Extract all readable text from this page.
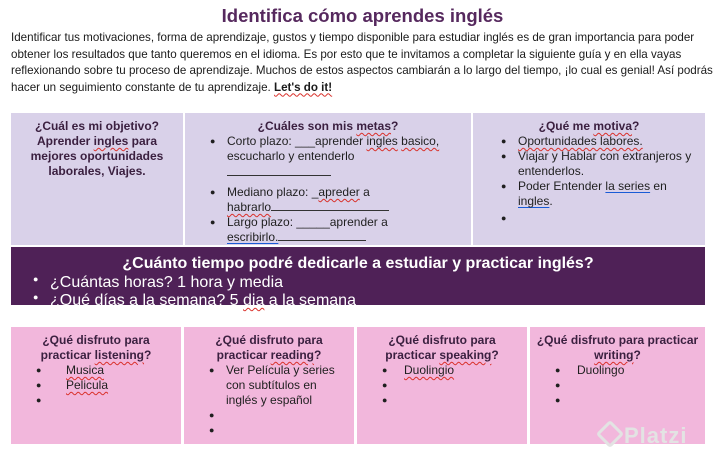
Identifica cómo aprendes inglés
Identificar tus motivaciones, forma de aprendizaje, gustos y tiempo disponible para estudiar inglés es de gran importancia para poder obtener los resultados que tanto queremos en el idioma. Es por esto que te invitamos a completar la siguiente guía y en ella vayas reflexionando sobre tu proceso de aprendizaje. Muchos de estos aspectos cambiarán a lo largo del tiempo, ¡lo cual es genial! Así podrás hacer un seguimiento constante de tu aprendizaje. Let's do it!
¿Cuál es mi objetivo?
Aprender ingles para mejores oportunidades laborales, Viajes.
¿Cuáles son mis metas?
● Corto plazo: ___aprender ingles basico,
escucharlo y entenderlo

● Mediano plazo: _apreder a
habrarlo
● Largo plazo: _____aprender a
escribirlo.
¿Qué me motiva?
● Oportunidades labores.
● Viajar y Hablar con extranjeros y entenderlos.
● Poder Entender la series en
ingles.
●
¿Cuánto tiempo podré dedicarle a estudiar y practicar inglés?
● ¿Cuántas horas? 1 hora y media
● ¿Qué días a la semana? 5 dia a la semana
¿Qué disfruto para practicar listening?
● Musica
● Pelicula
●
¿Qué disfruto para practicar reading?
● Ver Película y series con subtítulos en inglés y español
●
●
¿Qué disfruto para practicar speaking?
● Duolingio
●
●
¿Qué disfruto para practicar writing?
● Duolingo
●
●
Platzi
